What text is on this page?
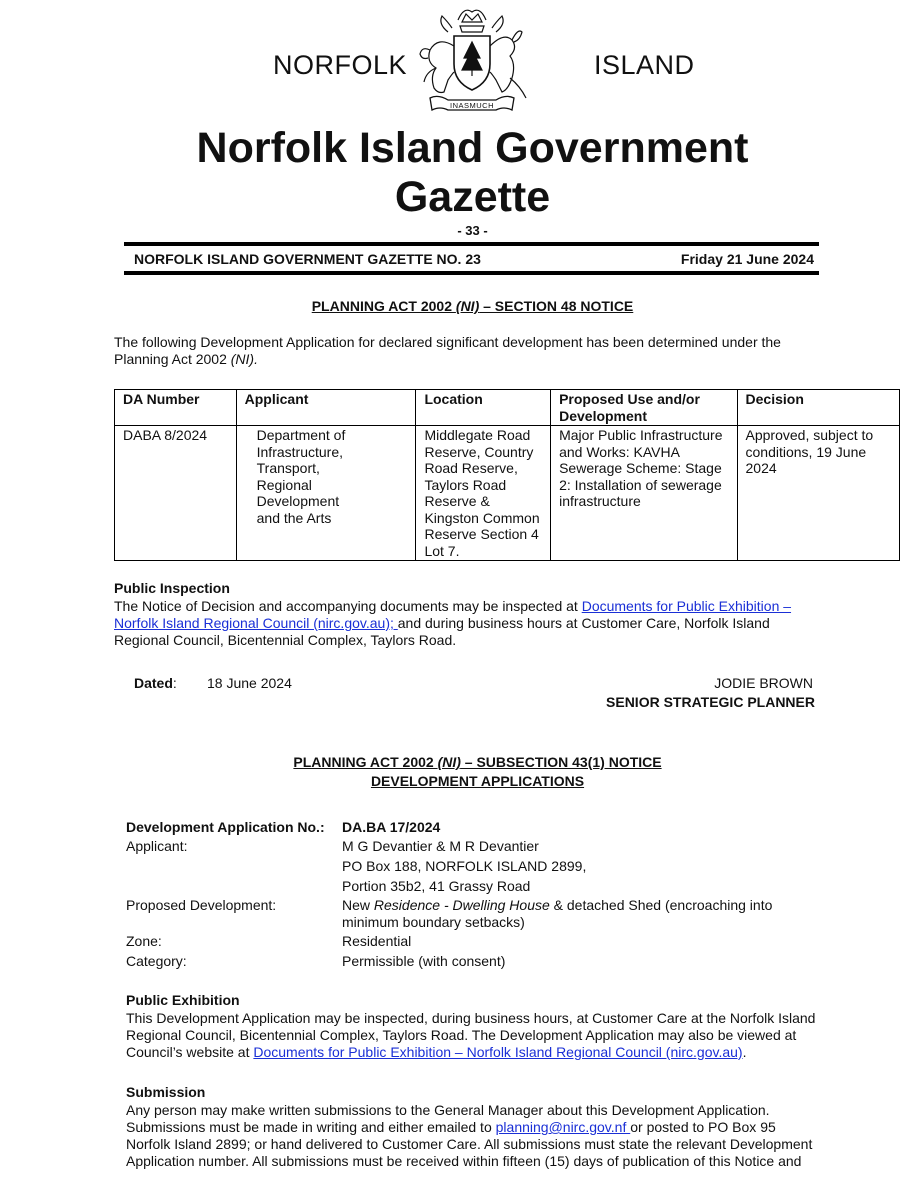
NORFOLK	ISLAND
INASMUCH
Norfolk Island Government
Gazette
- 33 -
NORFOLK ISLAND GOVERNMENT GAZETTE NO. 23	Friday 21 June 2024
PLANNING ACT 2002 (NI) – SECTION 48 NOTICE
The following Development Application for declared significant development has been determined under the
Planning Act 2002 (NI).
DA Number	Applicant	Location	Proposed Use and/or Development	Decision
DABA 8/2024	Department of Infrastructure, Transport, Regional Development and the Arts	Middlegate Road Reserve, Country Road Reserve, Taylors Road Reserve & Kingston Common Reserve Section 4 Lot 7.	Major Public Infrastructure and Works: KAVHA Sewerage Scheme: Stage 2: Installation of sewerage infrastructure	Approved, subject to conditions, 19 June 2024
Public Inspection
The Notice of Decision and accompanying documents may be inspected at Documents for Public Exhibition –
Norfolk Island Regional Council (nirc.gov.au); and during business hours at Customer Care, Norfolk Island
Regional Council, Bicentennial Complex, Taylors Road.
Dated: 18 June 2024	JODIE BROWN
SENIOR STRATEGIC PLANNER
PLANNING ACT 2002 (NI) – SUBSECTION 43(1) NOTICE
DEVELOPMENT APPLICATIONS
Development Application No.: DA.BA 17/2024
Applicant:	M G Devantier & M R Devantier
PO Box 188, NORFOLK ISLAND 2899,
Portion 35b2, 41 Grassy Road
Proposed Development:	New Residence - Dwelling House & detached Shed (encroaching into
minimum boundary setbacks)
Zone:	Residential
Category:	Permissible (with consent)
Public Exhibition
This Development Application may be inspected, during business hours, at Customer Care at the Norfolk Island
Regional Council, Bicentennial Complex, Taylors Road. The Development Application may also be viewed at
Council’s website at Documents for Public Exhibition – Norfolk Island Regional Council (nirc.gov.au).
Submission
Any person may make written submissions to the General Manager about this Development Application.
Submissions must be made in writing and either emailed to planning@nirc.gov.nf or posted to PO Box 95
Norfolk Island 2899; or hand delivered to Customer Care. All submissions must state the relevant Development
Application number. All submissions must be received within fifteen (15) days of publication of this Notice and
